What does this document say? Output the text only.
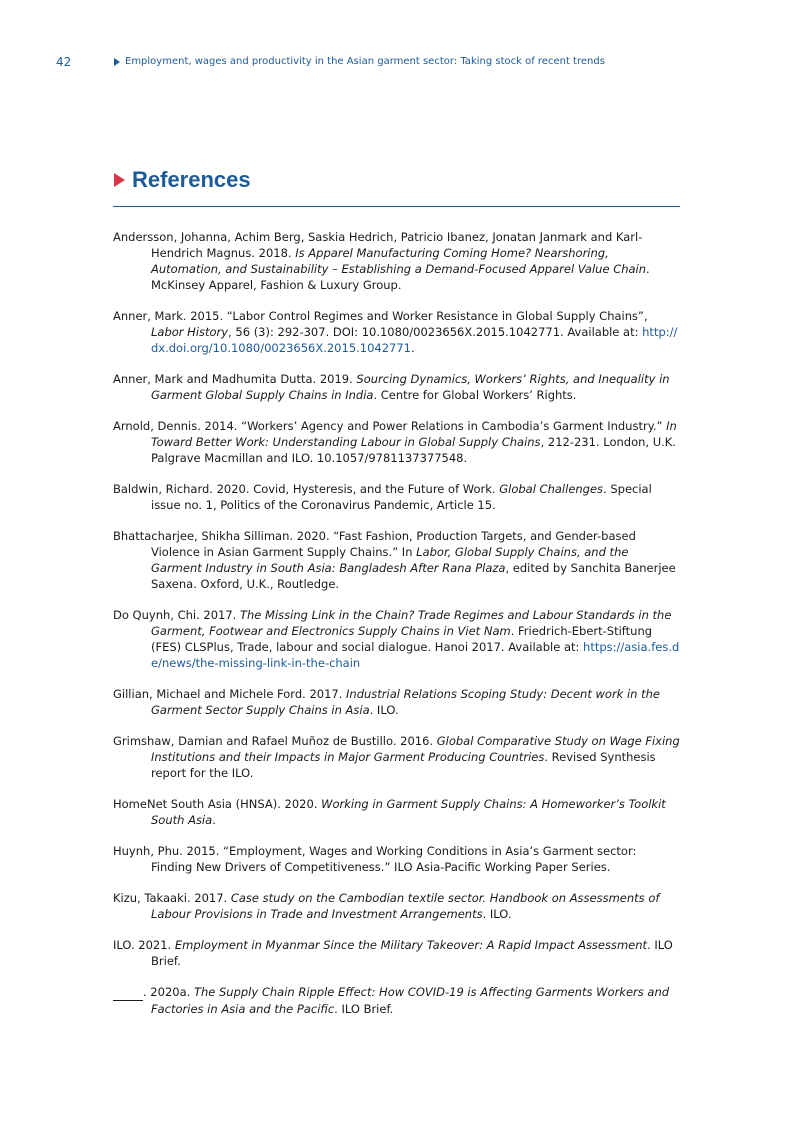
42	Employment, wages and productivity in the Asian garment sector: Taking stock of recent trends
References
Andersson, Johanna, Achim Berg, Saskia Hedrich, Patricio Ibanez, Jonatan Janmark and Karl-Hendrich Magnus. 2018. Is Apparel Manufacturing Coming Home? Nearshoring, Automation, and Sustainability – Establishing a Demand-Focused Apparel Value Chain. McKinsey Apparel, Fashion & Luxury Group.
Anner, Mark. 2015. “Labor Control Regimes and Worker Resistance in Global Supply Chains”, Labor History, 56 (3): 292-307. DOI: 10.1080/0023656X.2015.1042771. Available at: http://dx.doi.org/10.1080/0023656X.2015.1042771.
Anner, Mark and Madhumita Dutta. 2019. Sourcing Dynamics, Workers’ Rights, and Inequality in Garment Global Supply Chains in India. Centre for Global Workers’ Rights.
Arnold, Dennis. 2014. “Workers’ Agency and Power Relations in Cambodia’s Garment Industry.” In Toward Better Work: Understanding Labour in Global Supply Chains, 212-231. London, U.K. Palgrave Macmillan and ILO. 10.1057/9781137377548.
Baldwin, Richard. 2020. Covid, Hysteresis, and the Future of Work. Global Challenges. Special issue no. 1, Politics of the Coronavirus Pandemic, Article 15.
Bhattacharjee, Shikha Silliman. 2020. “Fast Fashion, Production Targets, and Gender-based Violence in Asian Garment Supply Chains.” In Labor, Global Supply Chains, and the Garment Industry in South Asia: Bangladesh After Rana Plaza, edited by Sanchita Banerjee Saxena. Oxford, U.K., Routledge.
Do Quynh, Chi. 2017. The Missing Link in the Chain? Trade Regimes and Labour Standards in the Garment, Footwear and Electronics Supply Chains in Viet Nam. Friedrich-Ebert-Stiftung (FES) CLSPlus, Trade, labour and social dialogue. Hanoi 2017. Available at: https://asia.fes.de/news/the-missing-link-in-the-chain
Gillian, Michael and Michele Ford. 2017. Industrial Relations Scoping Study: Decent work in the Garment Sector Supply Chains in Asia. ILO.
Grimshaw, Damian and Rafael Muñoz de Bustillo. 2016. Global Comparative Study on Wage Fixing Institutions and their Impacts in Major Garment Producing Countries. Revised Synthesis report for the ILO.
HomeNet South Asia (HNSA). 2020. Working in Garment Supply Chains: A Homeworker’s Toolkit South Asia.
Huynh, Phu. 2015. “Employment, Wages and Working Conditions in Asia’s Garment sector: Finding New Drivers of Competitiveness.” ILO Asia-Pacific Working Paper Series.
Kizu, Takaaki. 2017. Case study on the Cambodian textile sector. Handbook on Assessments of Labour Provisions in Trade and Investment Arrangements. ILO.
ILO. 2021. Employment in Myanmar Since the Military Takeover: A Rapid Impact Assessment. ILO Brief.
. 2020a. The Supply Chain Ripple Effect: How COVID-19 is Affecting Garments Workers and Factories in Asia and the Pacific. ILO Brief.
